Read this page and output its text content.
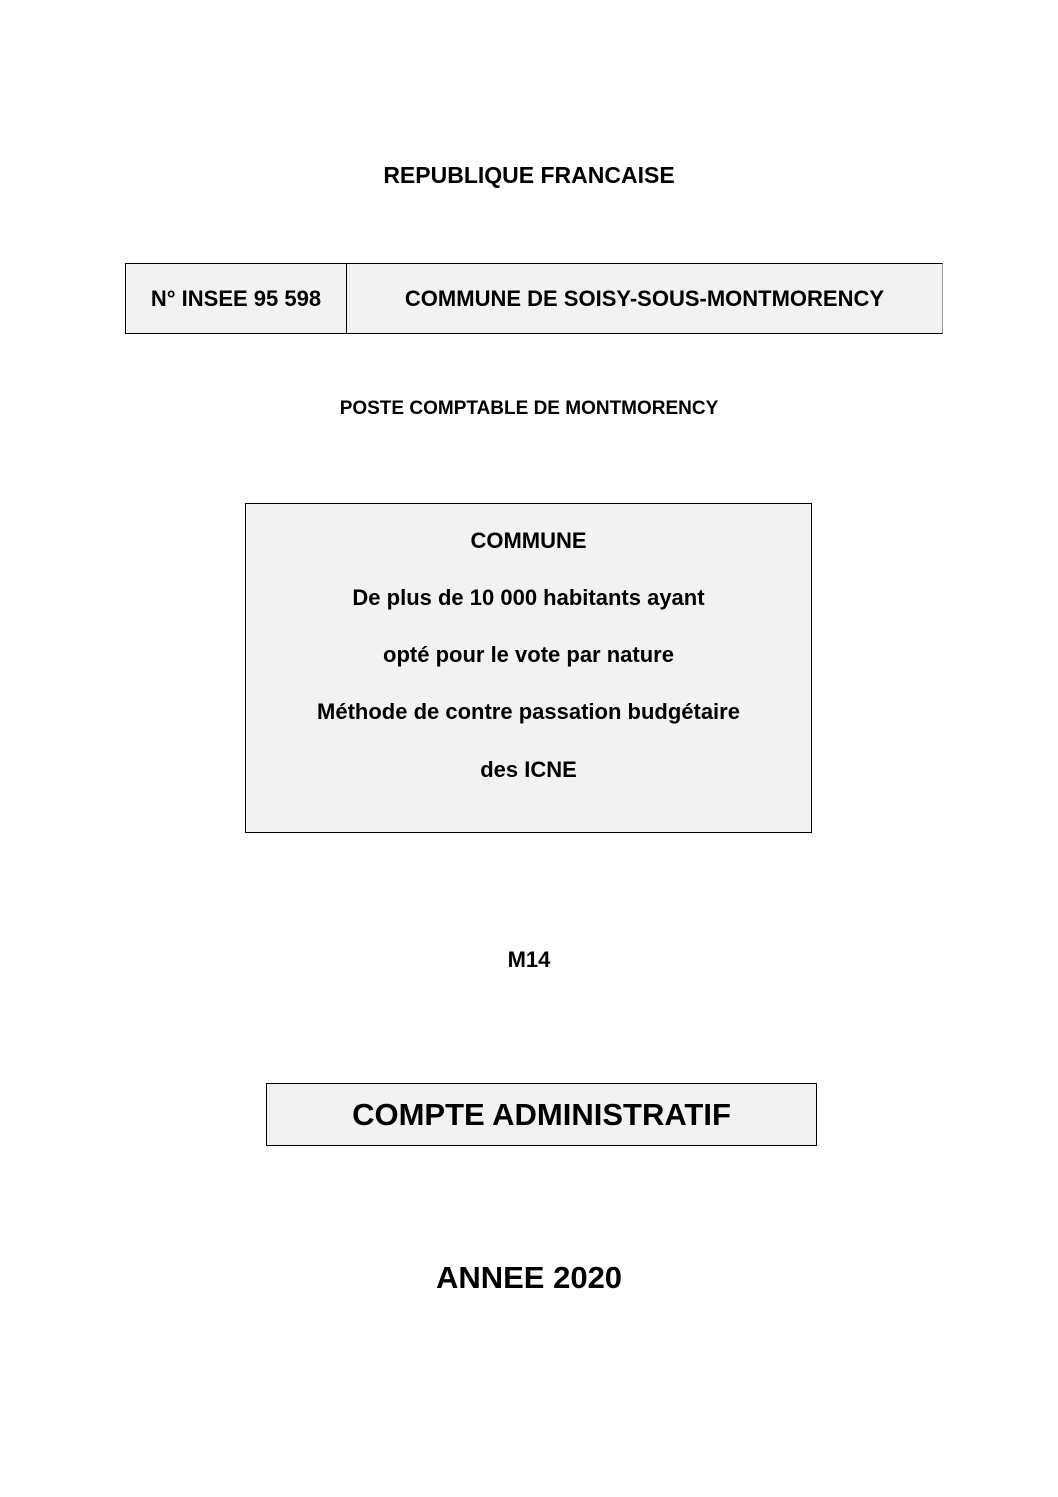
REPUBLIQUE FRANCAISE
N° INSEE 95 598	COMMUNE DE SOISY-SOUS-MONTMORENCY
POSTE COMPTABLE DE MONTMORENCY
COMMUNE
De plus de 10 000 habitants ayant
opté pour le vote par nature
Méthode de contre passation budgétaire
des ICNE
M14
COMPTE ADMINISTRATIF
ANNEE 2020
